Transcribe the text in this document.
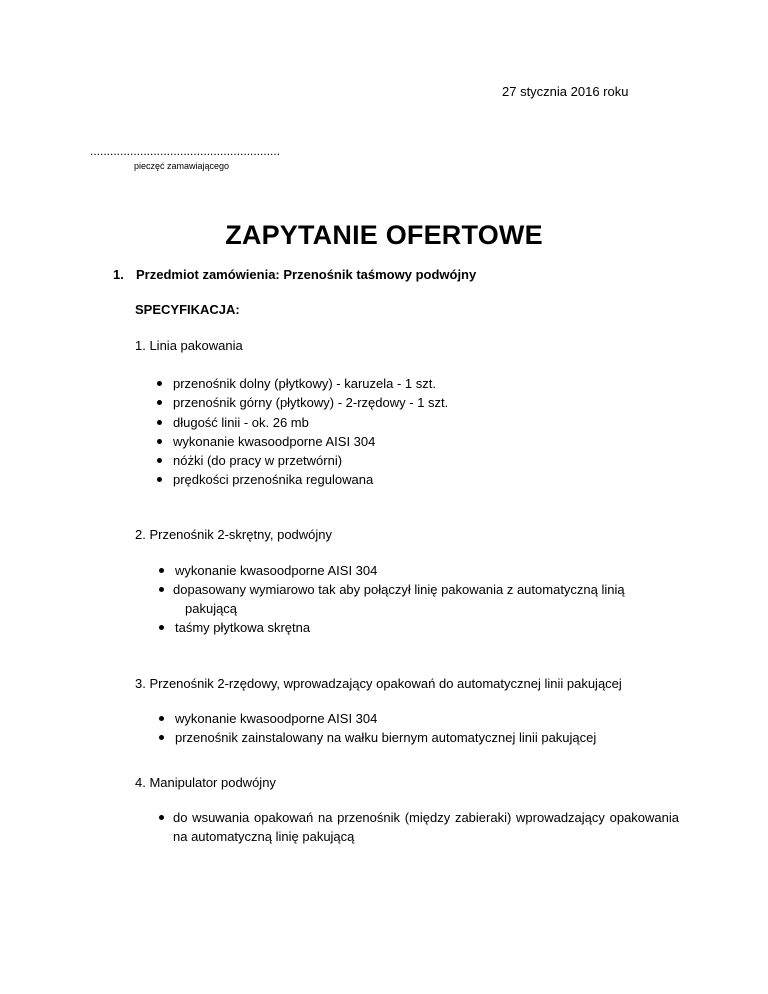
27 stycznia 2016 roku
.........................................................
pieczęć zamawiającego
ZAPYTANIE OFERTOWE
1. Przedmiot zamówienia: Przenośnik taśmowy podwójny
SPECYFIKACJA:
1. Linia pakowania
przenośnik dolny (płytkowy) - karuzela - 1 szt.
przenośnik górny (płytkowy) - 2-rzędowy - 1 szt.
długość linii - ok. 26 mb
wykonanie kwasoodporne AISI 304
nóżki (do pracy w przetwórni)
prędkości przenośnika regulowana
2. Przenośnik 2-skrętny, podwójny
wykonanie kwasoodporne AISI 304
dopasowany wymiarowo tak aby połączył linię pakowania z automatyczną linią
pakującą
taśmy płytkowa skrętna
3. Przenośnik 2-rzędowy, wprowadzający opakowań do automatycznej linii pakującej
wykonanie kwasoodporne AISI 304
przenośnik zainstalowany na wałku biernym automatycznej linii pakującej
4. Manipulator podwójny
do wsuwania opakowań na przenośnik (między zabieraki) wprowadzający opakowania na automatyczną linię pakującą
